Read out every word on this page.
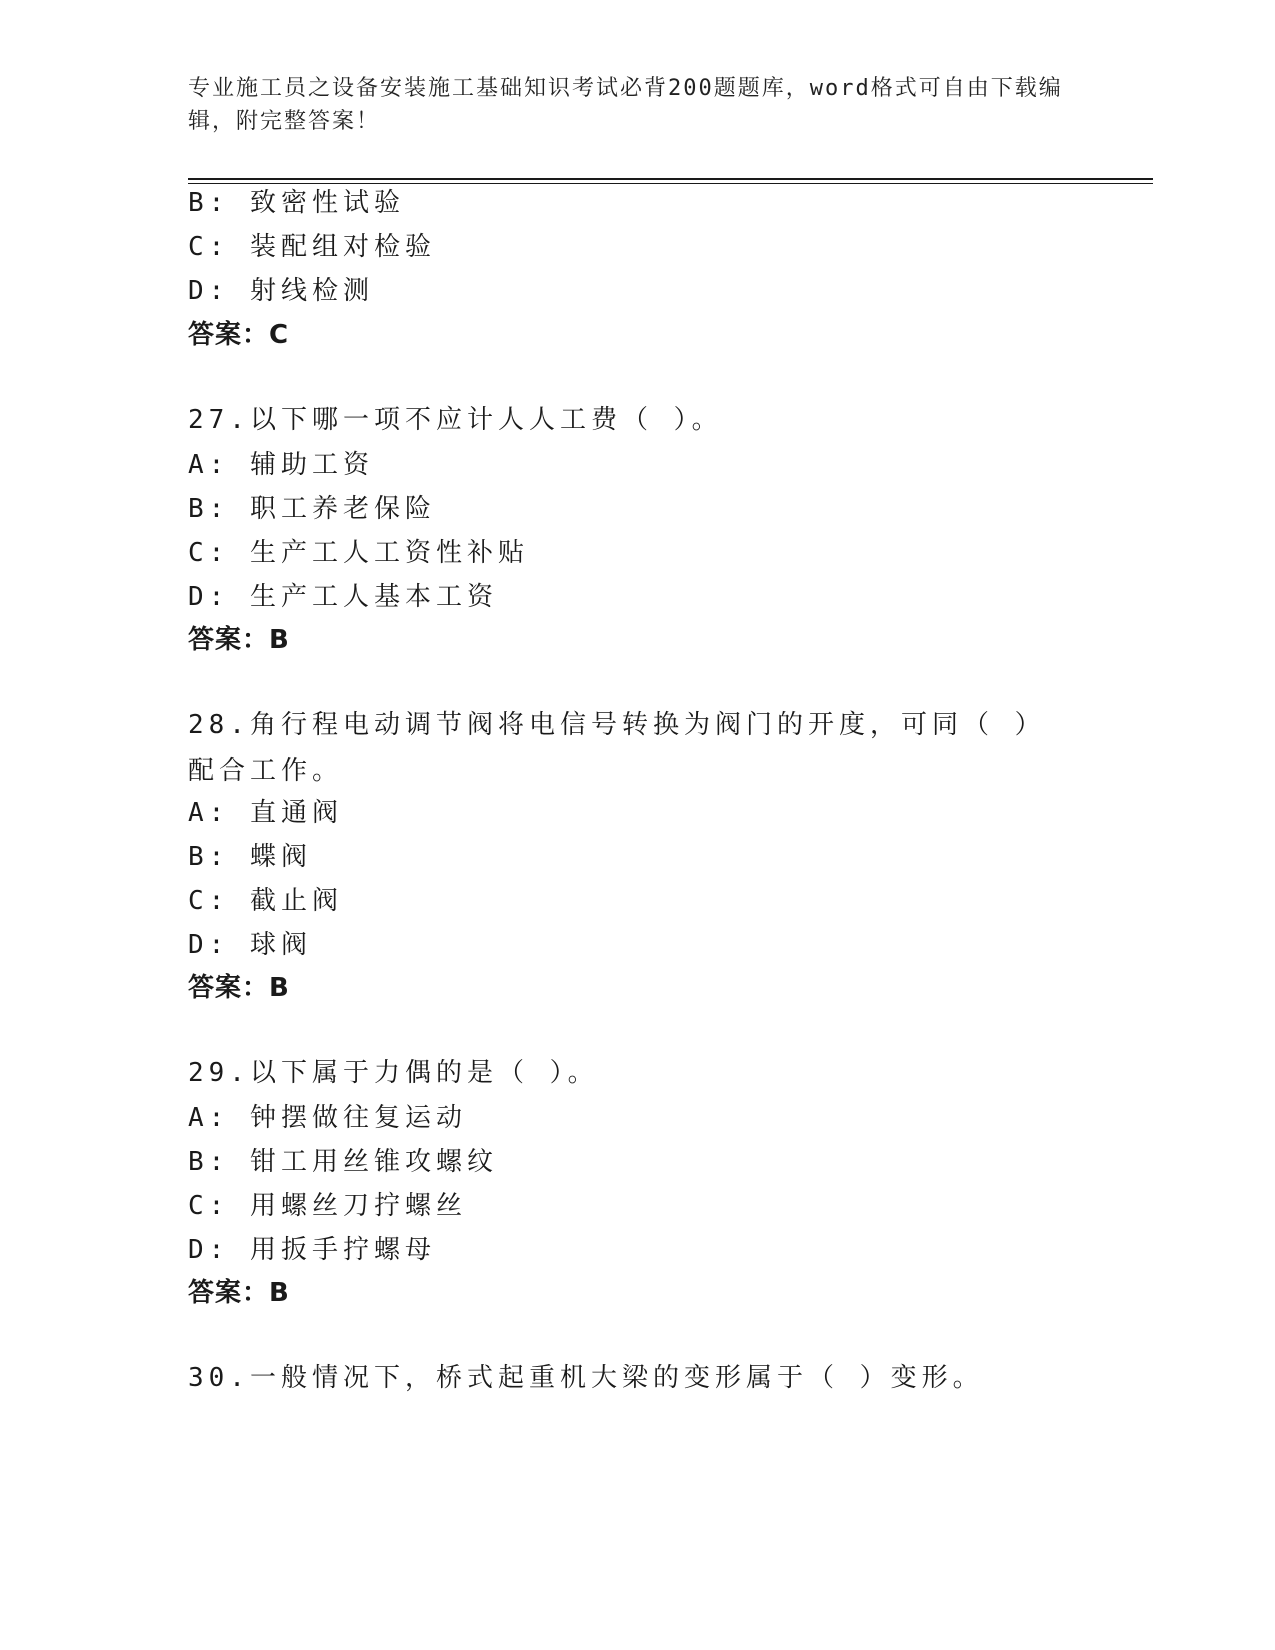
专业施工员之设备安装施工基础知识考试必背200题题库，word格式可自由下载编辑，附完整答案！
B: 致密性试验
C: 装配组对检验
D: 射线检测
答案：C
27.以下哪一项不应计人人工费（ ）。
A: 辅助工资
B: 职工养老保险
C: 生产工人工资性补贴
D: 生产工人基本工资
答案：B
28.角行程电动调节阀将电信号转换为阀门的开度，可同（ ）配合工作。
A: 直通阀
B: 蝶阀
C: 截止阀
D: 球阀
答案：B
29.以下属于力偶的是（ ）。
A: 钟摆做往复运动
B: 钳工用丝锥攻螺纹
C: 用螺丝刀拧螺丝
D: 用扳手拧螺母
答案：B
30.一般情况下，桥式起重机大梁的变形属于（ ）变形。
